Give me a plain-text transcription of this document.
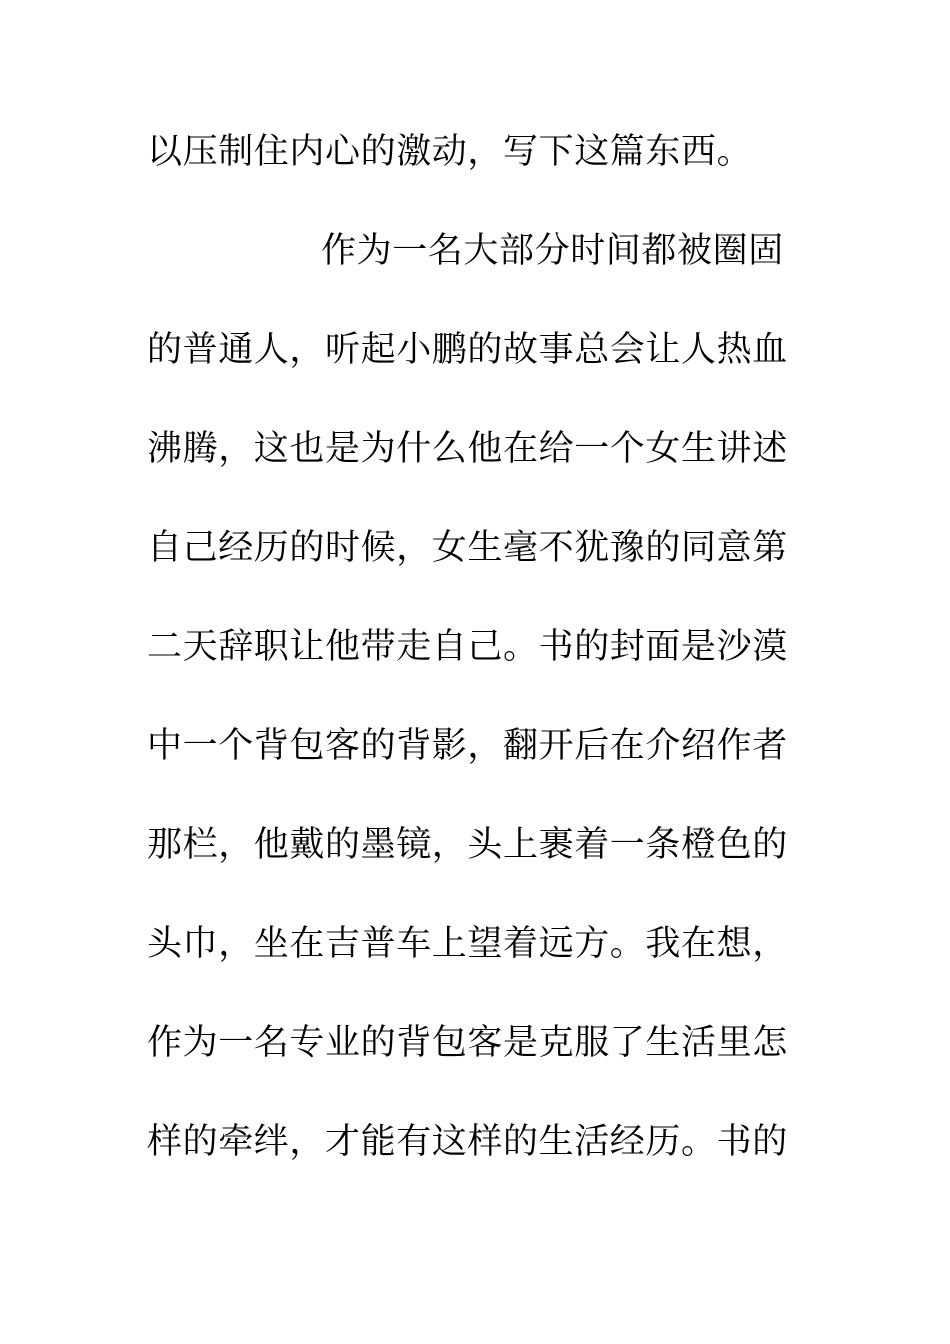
以压制住内心的激动，写下这篇东西。
作为一名大部分时间都被圈固
的普通人，听起小鹏的故事总会让人热血
沸腾，这也是为什么他在给一个女生讲述
自己经历的时候，女生毫不犹豫的同意第
二天辞职让他带走自己。书的封面是沙漠
中一个背包客的背影，翻开后在介绍作者
那栏，他戴的墨镜，头上裹着一条橙色的
头巾，坐在吉普车上望着远方。我在想，
作为一名专业的背包客是克服了生活里怎
样的牵绊，才能有这样的生活经历。书的
